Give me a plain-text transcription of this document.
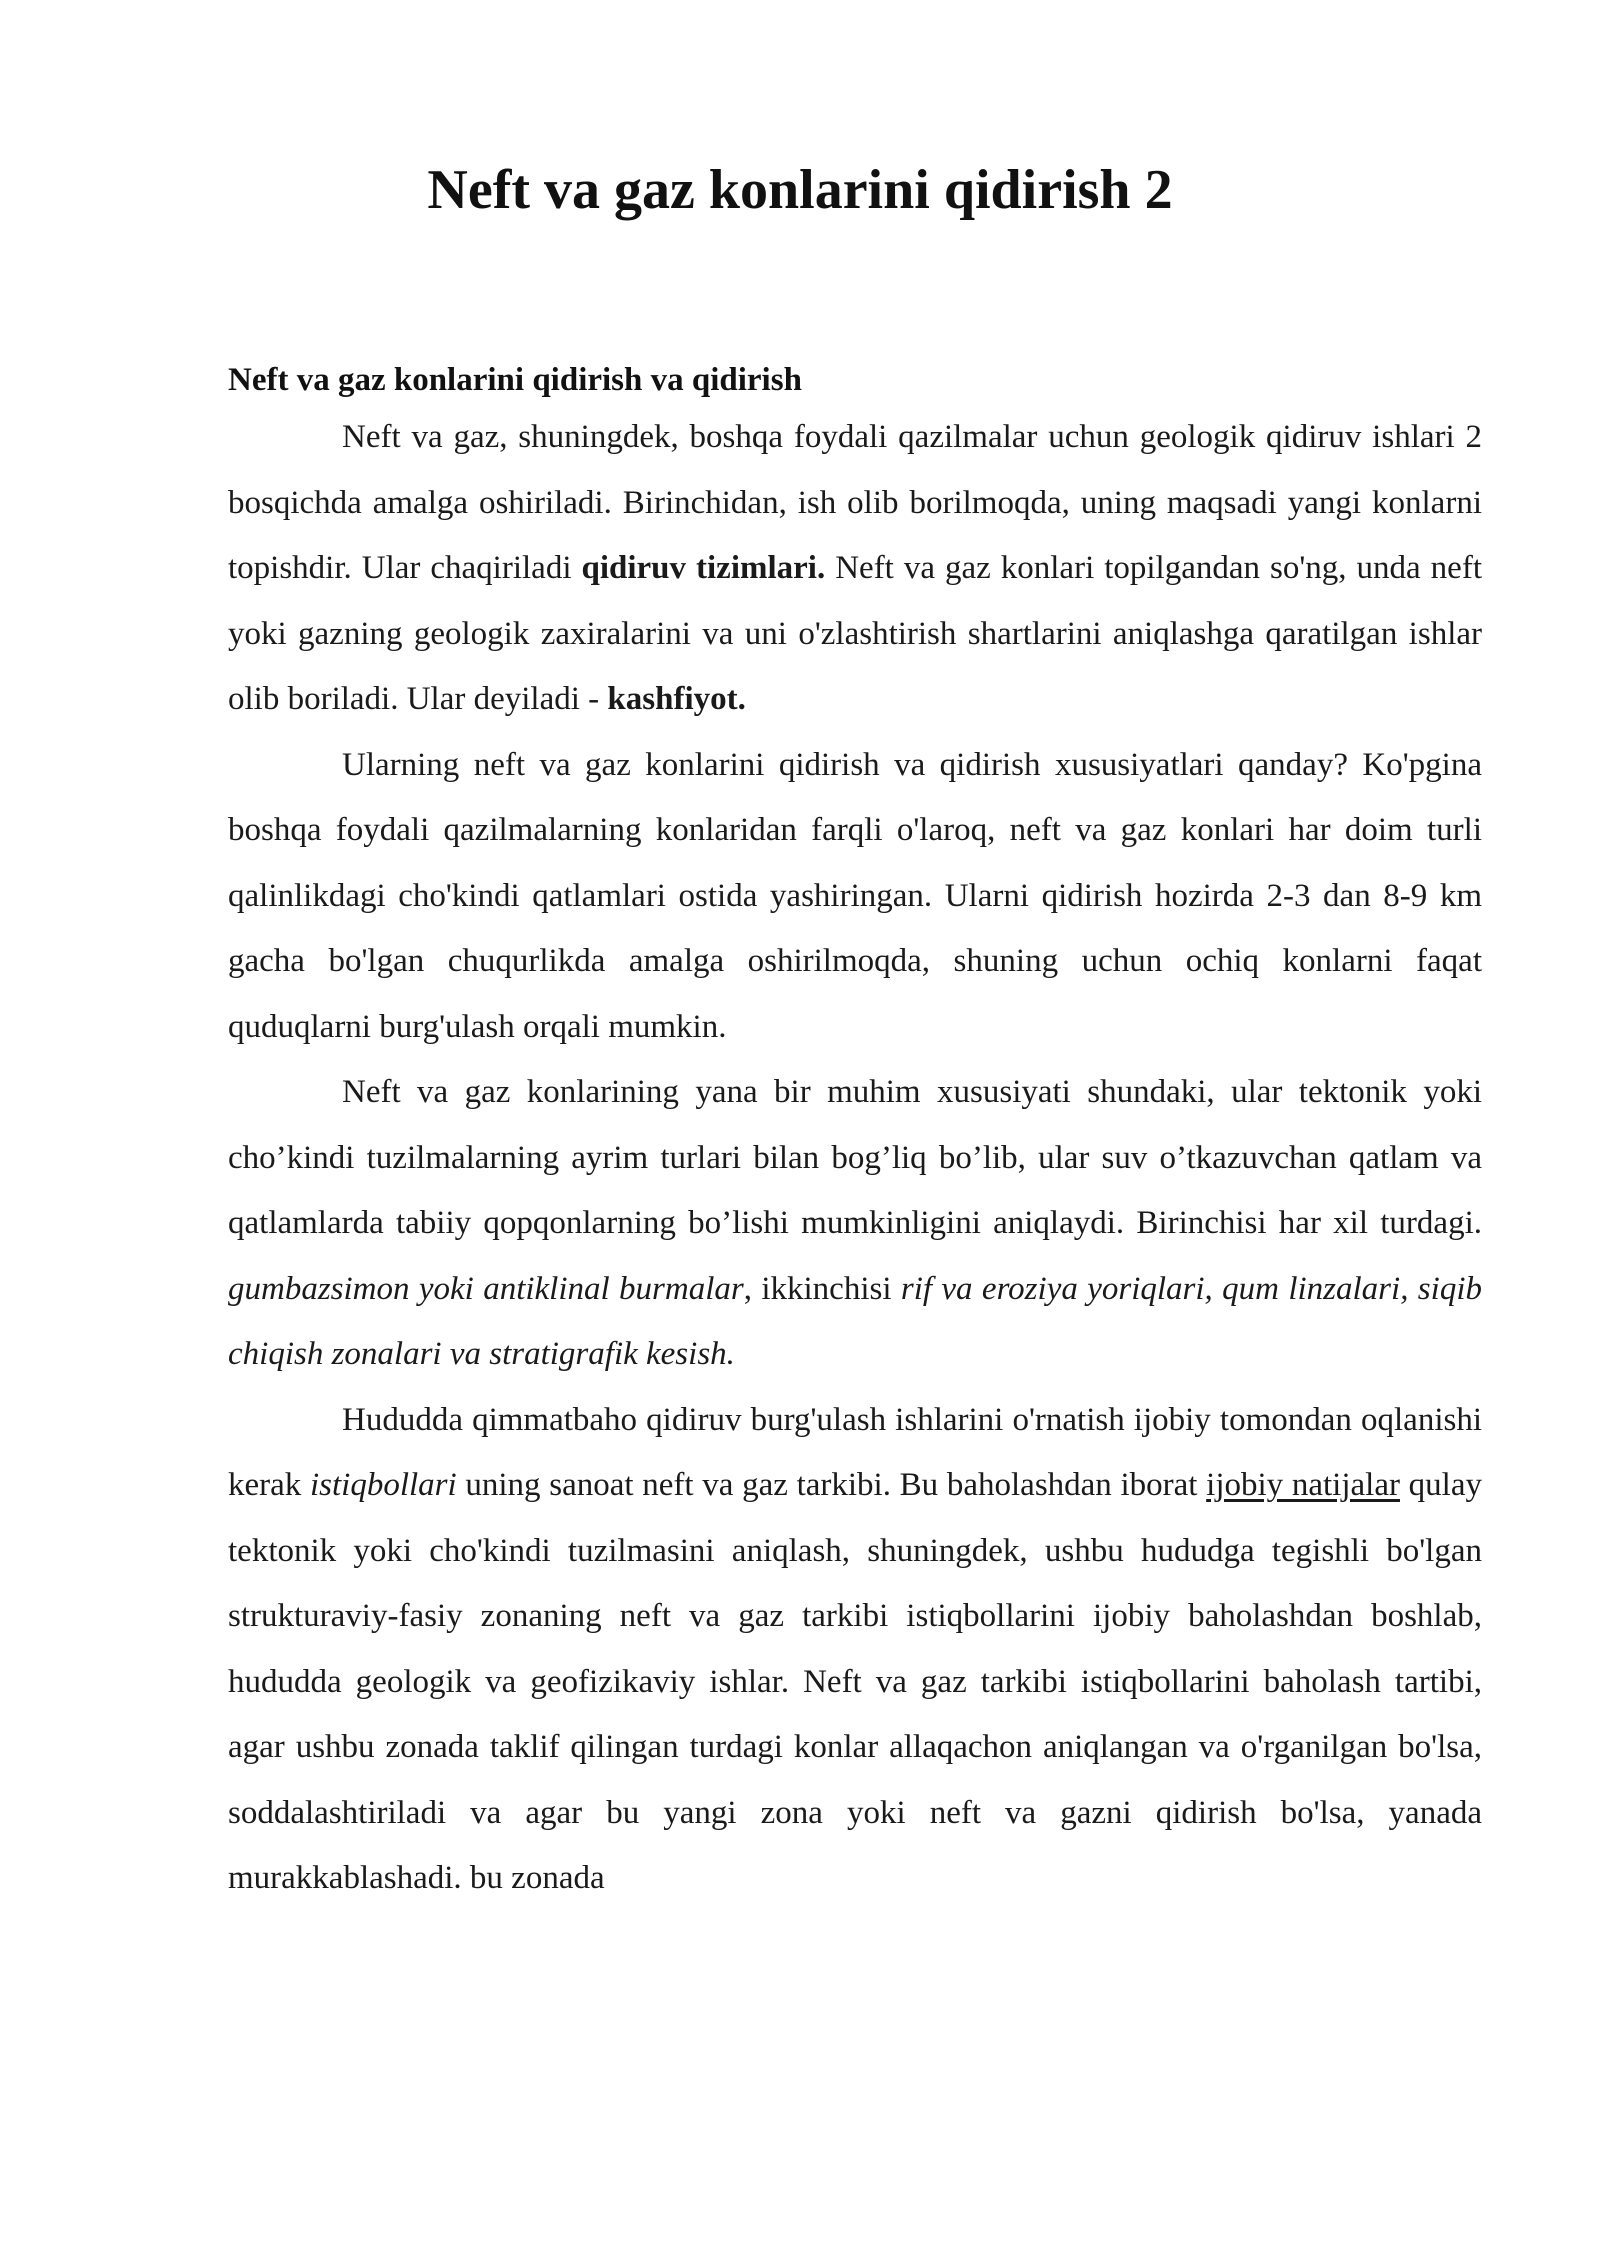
Neft va gaz konlarini qidirish 2
Neft va gaz konlarini qidirish va qidirish

Neft va gaz, shuningdek, boshqa foydali qazilmalar uchun geologik qidiruv ishlari 2 bosqichda amalga oshiriladi. Birinchidan, ish olib borilmoqda, uning maqsadi yangi konlarni topishdir. Ular chaqiriladi qidiruv tizimlari. Neft va gaz konlari topilgandan so'ng, unda neft yoki gazning geologik zaxiralarini va uni o'zlashtirish shartlarini aniqlashga qaratilgan ishlar olib boriladi. Ular deyiladi - kashfiyot.

Ularning neft va gaz konlarini qidirish va qidirish xususiyatlari qanday? Ko'pgina boshqa foydali qazilmalarning konlaridan farqli o'laroq, neft va gaz konlari har doim turli qalinlikdagi cho'kindi qatlamlari ostida yashiringan. Ularni qidirish hozirda 2-3 dan 8-9 km gacha bo'lgan chuqurlikda amalga oshirilmoqda, shuning uchun ochiq konlarni faqat quduqlarni burg'ulash orqali mumkin.

Neft va gaz konlarining yana bir muhim xususiyati shundaki, ular tektonik yoki cho’kindi tuzilmalarning ayrim turlari bilan bog’liq bo’lib, ular suv o’tkazuvchan qatlam va qatlamlarda tabiiy qopqonlarning bo’lishi mumkinligini aniqlaydi. Birinchisi har xil turdagi. gumbazsimon yoki antiklinal burmalar, ikkinchisi rif va eroziya yoriqlari, qum linzalari, siqib chiqish zonalari va stratigrafik kesish.

Hududda qimmatbaho qidiruv burg'ulash ishlarini o'rnatish ijobiy tomondan oqlanishi kerak istiqbollari uning sanoat neft va gaz tarkibi. Bu baholashdan iborat ijobiy natijalar qulay tektonik yoki cho'kindi tuzilmasini aniqlash, shuningdek, ushbu hududga tegishli bo'lgan strukturaviy-fasiy zonaning neft va gaz tarkibi istiqbollarini ijobiy baholashdan boshlab, hududda geologik va geofizikaviy ishlar. Neft va gaz tarkibi istiqbollarini baholash tartibi, agar ushbu zonada taklif qilingan turdagi konlar allaqachon aniqlangan va o'rganilgan bo'lsa, soddalashtiriladi va agar bu yangi zona yoki neft va gazni qidirish bo'lsa, yanada murakkablashadi. bu zonada
